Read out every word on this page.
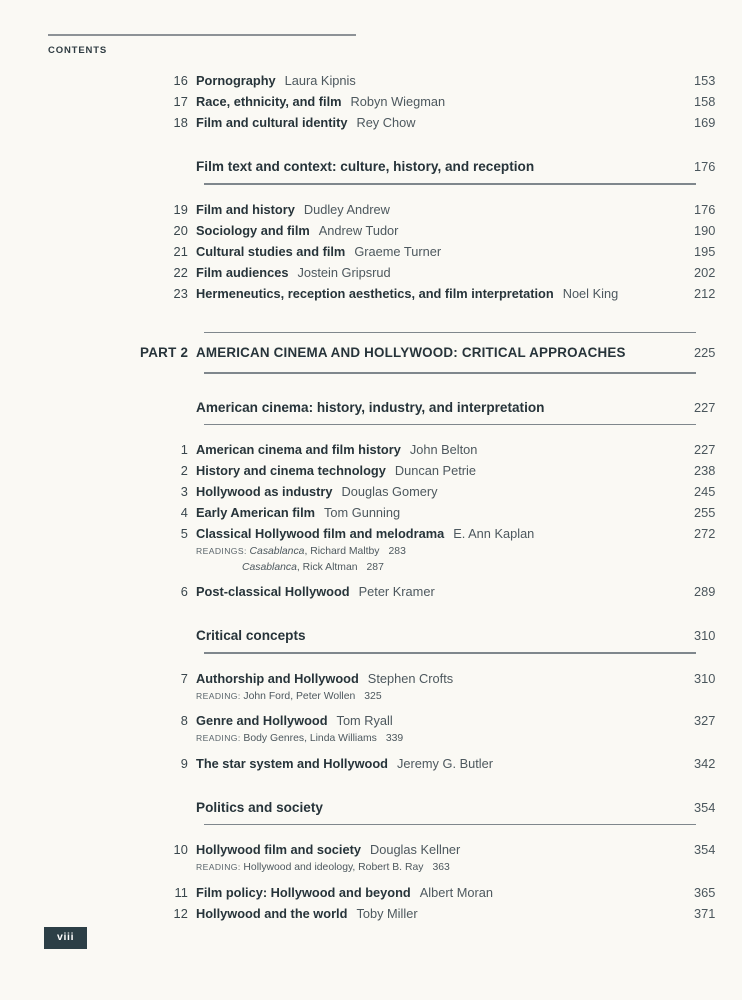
CONTENTS
16 Pornography Laura Kipnis	153
17 Race, ethnicity, and film Robyn Wiegman	158
18 Film and cultural identity Rey Chow	169
Film text and context: culture, history, and reception	176
19 Film and history Dudley Andrew	176
20 Sociology and film Andrew Tudor	190
21 Cultural studies and film Graeme Turner	195
22 Film audiences Jostein Gripsrud	202
23 Hermeneutics, reception aesthetics, and film interpretation Noel King	212
PART 2 AMERICAN CINEMA AND HOLLYWOOD: CRITICAL APPROACHES	225
American cinema: history, industry, and interpretation	227
1 American cinema and film history John Belton	227
2 History and cinema technology Duncan Petrie	238
3 Hollywood as industry Douglas Gomery	245
4 Early American film Tom Gunning	255
5 Classical Hollywood film and melodrama E. Ann Kaplan	272
READINGS: Casablanca, Richard Maltby 283
Casablanca, Rick Altman 287
6 Post-classical Hollywood Peter Kramer	289
Critical concepts	310
7 Authorship and Hollywood Stephen Crofts	310
READING: John Ford, Peter Wollen 325
8 Genre and Hollywood Tom Ryall	327
READING: Body Genres, Linda Williams 339
9 The star system and Hollywood Jeremy G. Butler	342
Politics and society	354
10 Hollywood film and society Douglas Kellner	354
READING: Hollywood and ideology, Robert B. Ray 363
11 Film policy: Hollywood and beyond Albert Moran	365
12 Hollywood and the world Toby Miller	371
viii
